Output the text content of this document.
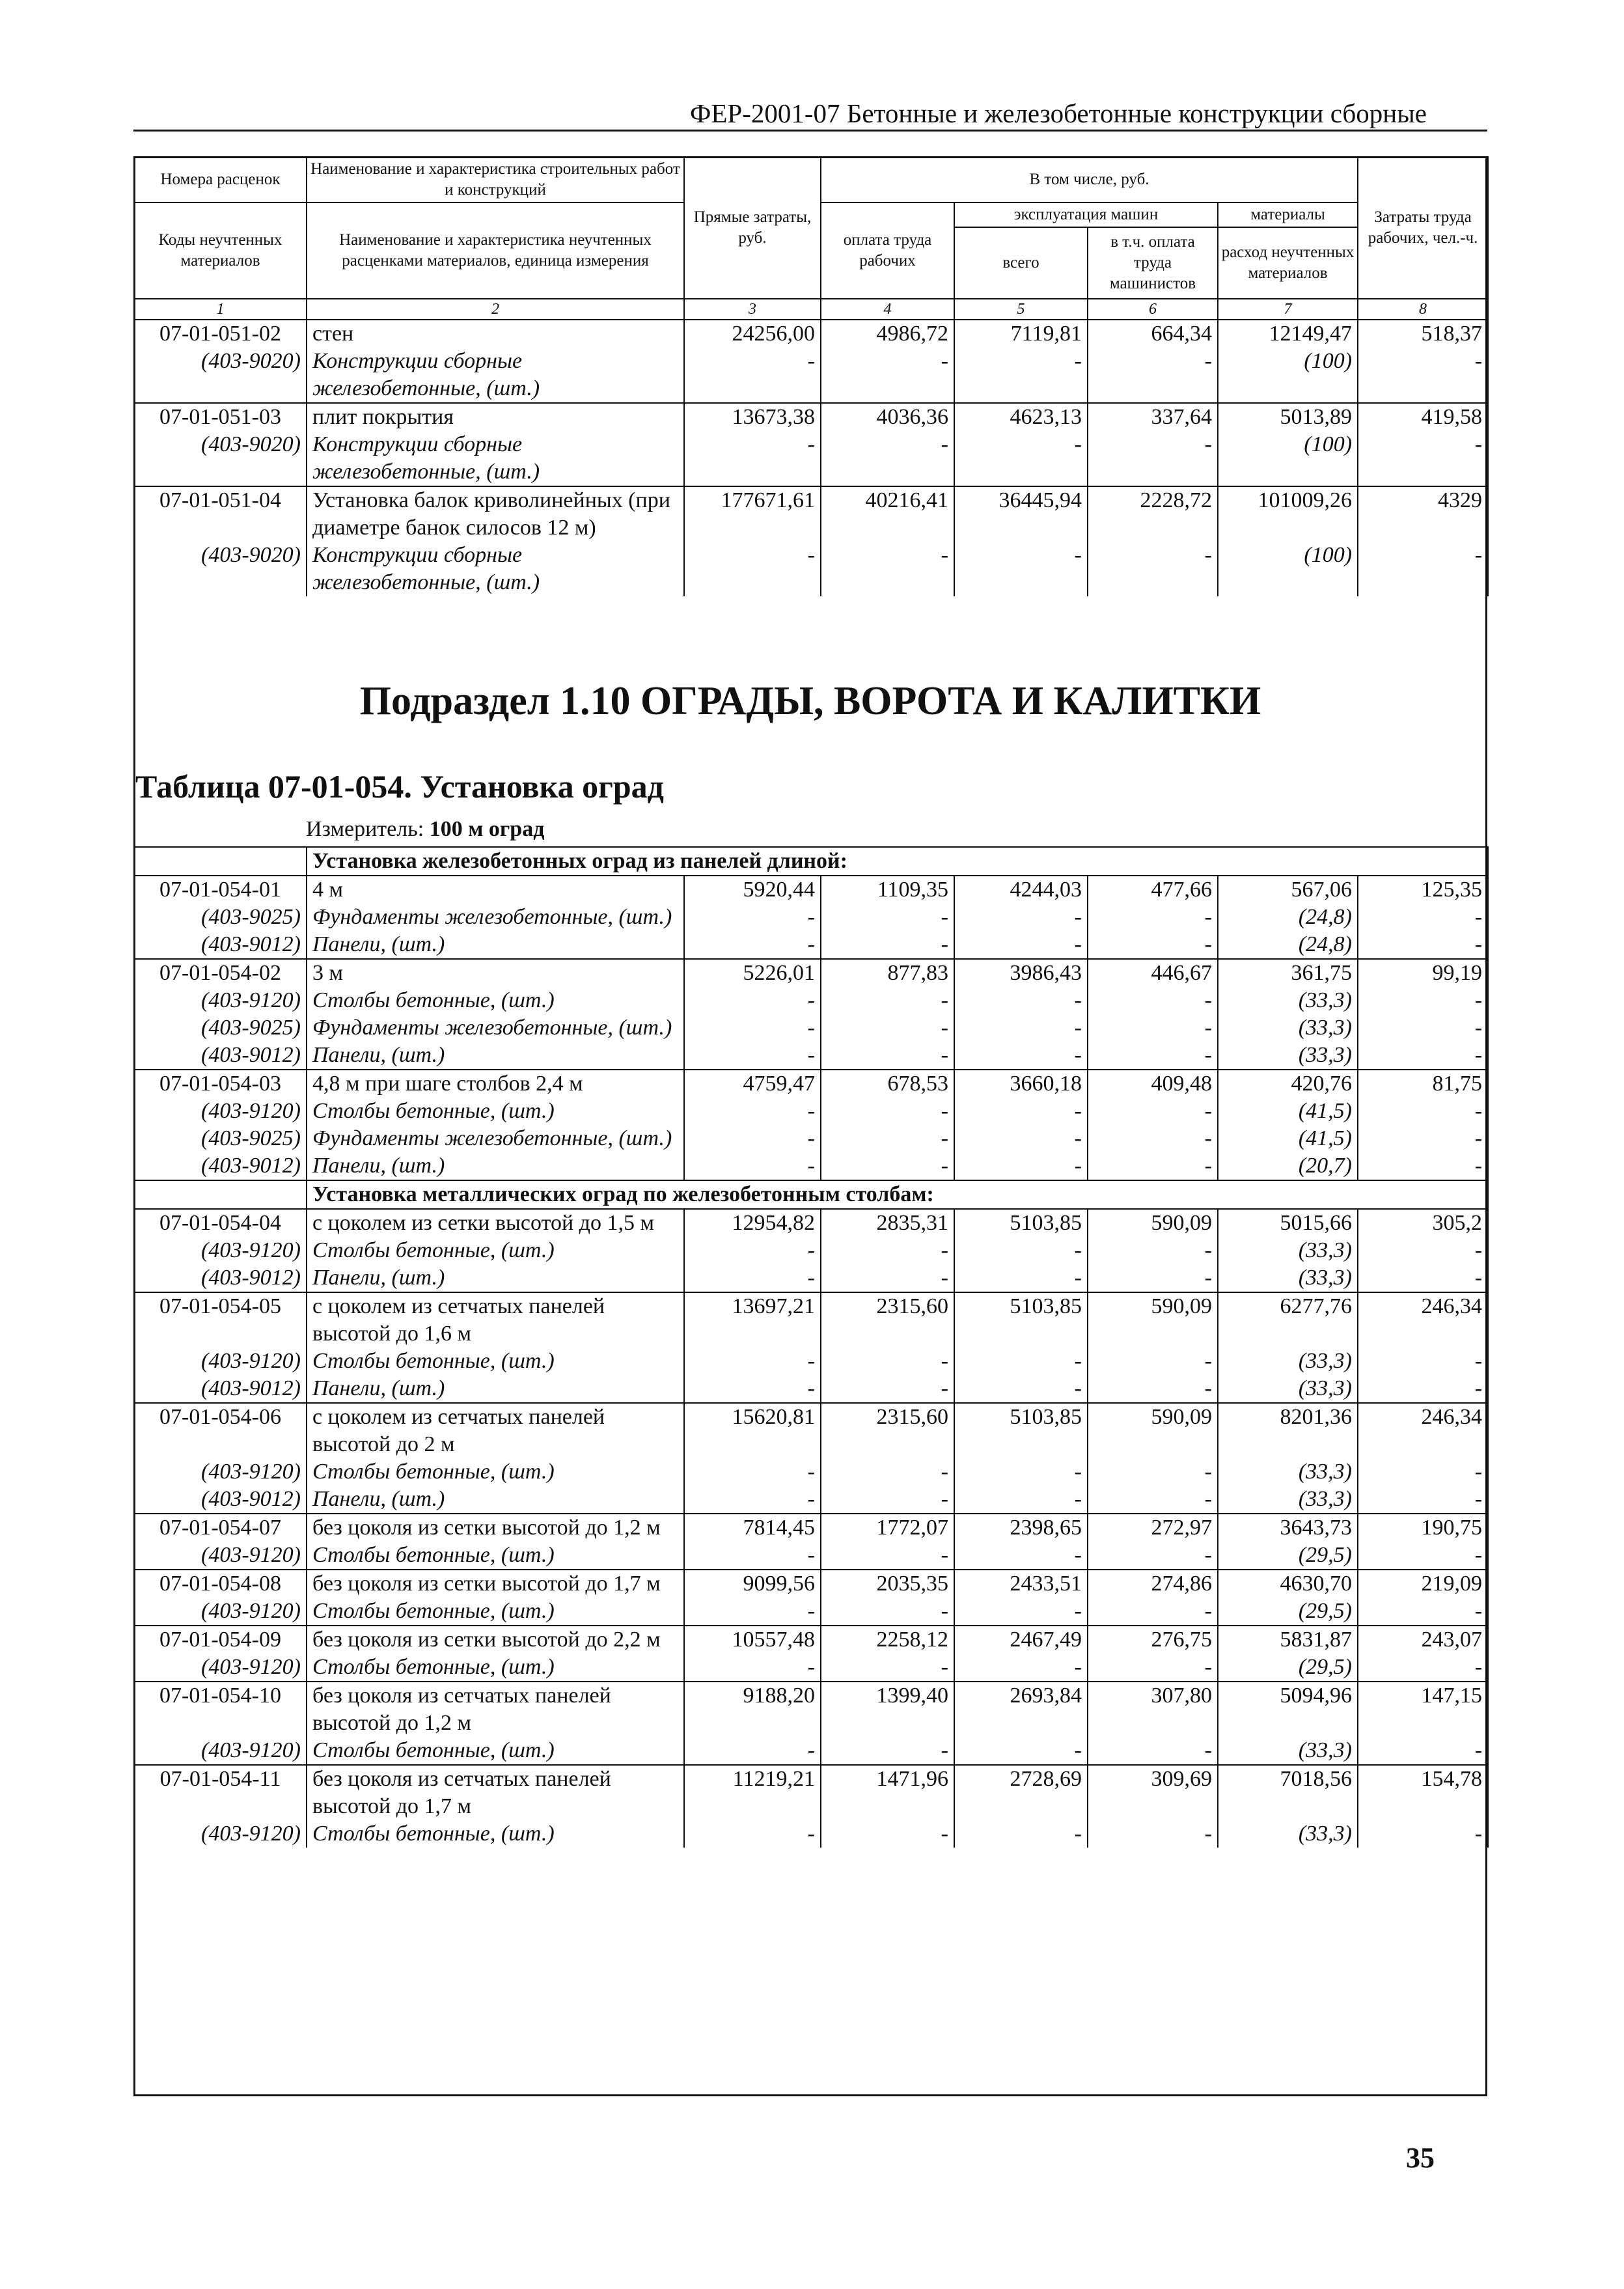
ФЕР-2001-07 Бетонные и железобетонные конструкции сборные
Номера расценок	Наименование и характеристика строительных работ и конструкций	Прямые затраты, руб.	В том числе, руб.				Затраты труда рабочих, чел.-ч.
Коды неучтенных материалов	Наименование и характеристика неучтенных расценками материалов, единица измерения		оплата труда рабочих	эксплуатация машин		материалы	
				всего	в т.ч. оплата труда машинистов	расход неучтенных материалов	
1	2	3	4	5	6	7	8
07-01-051-02	стен	24256,00	4986,72	7119,81	664,34	12149,47	518,37
(403-9020)	Конструкции сборные железобетонные, (шт.)	-	-	-	-	(100)	-
07-01-051-03	плит покрытия	13673,38	4036,36	4623,13	337,64	5013,89	419,58
(403-9020)	Конструкции сборные железобетонные, (шт.)	-	-	-	-	(100)	-
07-01-051-04	Установка балок криволинейных (при диаметре банок силосов 12 м)	177671,61	40216,41	36445,94	2228,72	101009,26	4329
(403-9020)	Конструкции сборные железобетонные, (шт.)	-	-	-	-	(100)	-
Подраздел 1.10 ОГРАДЫ, ВОРОТА И КАЛИТКИ
Таблица 07-01-054. Установка оград
Измеритель: 100 м оград
	Установка железобетонных оград из панелей длиной:						
07-01-054-01	4 м	5920,44	1109,35	4244,03	477,66	567,06	125,35
(403-9025)	Фундаменты железобетонные, (шт.)	-	-	-	-	(24,8)	-
(403-9012)	Панели, (шт.)	-	-	-	-	(24,8)	-
07-01-054-02	3 м	5226,01	877,83	3986,43	446,67	361,75	99,19
(403-9120)	Столбы бетонные, (шт.)	-	-	-	-	(33,3)	-
(403-9025)	Фундаменты железобетонные, (шт.)	-	-	-	-	(33,3)	-
(403-9012)	Панели, (шт.)	-	-	-	-	(33,3)	-
07-01-054-03	4,8 м при шаге столбов 2,4 м	4759,47	678,53	3660,18	409,48	420,76	81,75
(403-9120)	Столбы бетонные, (шт.)	-	-	-	-	(41,5)	-
(403-9025)	Фундаменты железобетонные, (шт.)	-	-	-	-	(41,5)	-
(403-9012)	Панели, (шт.)	-	-	-	-	(20,7)	-
	Установка металлических оград по железобетонным столбам:						
07-01-054-04	с цоколем из сетки высотой до 1,5 м	12954,82	2835,31	5103,85	590,09	5015,66	305,2
(403-9120)	Столбы бетонные, (шт.)	-	-	-	-	(33,3)	-
(403-9012)	Панели, (шт.)	-	-	-	-	(33,3)	-
07-01-054-05	с цоколем из сетчатых панелей высотой до 1,6 м	13697,21	2315,60	5103,85	590,09	6277,76	246,34
(403-9120)	Столбы бетонные, (шт.)	-	-	-	-	(33,3)	-
(403-9012)	Панели, (шт.)	-	-	-	-	(33,3)	-
07-01-054-06	с цоколем из сетчатых панелей высотой до 2 м	15620,81	2315,60	5103,85	590,09	8201,36	246,34
(403-9120)	Столбы бетонные, (шт.)	-	-	-	-	(33,3)	-
(403-9012)	Панели, (шт.)	-	-	-	-	(33,3)	-
07-01-054-07	без цоколя из сетки высотой до 1,2 м	7814,45	1772,07	2398,65	272,97	3643,73	190,75
(403-9120)	Столбы бетонные, (шт.)	-	-	-	-	(29,5)	-
07-01-054-08	без цоколя из сетки высотой до 1,7 м	9099,56	2035,35	2433,51	274,86	4630,70	219,09
(403-9120)	Столбы бетонные, (шт.)	-	-	-	-	(29,5)	-
07-01-054-09	без цоколя из сетки высотой до 2,2 м	10557,48	2258,12	2467,49	276,75	5831,87	243,07
(403-9120)	Столбы бетонные, (шт.)	-	-	-	-	(29,5)	-
07-01-054-10	без цоколя из сетчатых панелей высотой до 1,2 м	9188,20	1399,40	2693,84	307,80	5094,96	147,15
(403-9120)	Столбы бетонные, (шт.)	-	-	-	-	(33,3)	-
07-01-054-11	без цоколя из сетчатых панелей высотой до 1,7 м	11219,21	1471,96	2728,69	309,69	7018,56	154,78
(403-9120)	Столбы бетонные, (шт.)	-	-	-	-	(33,3)	-
35
